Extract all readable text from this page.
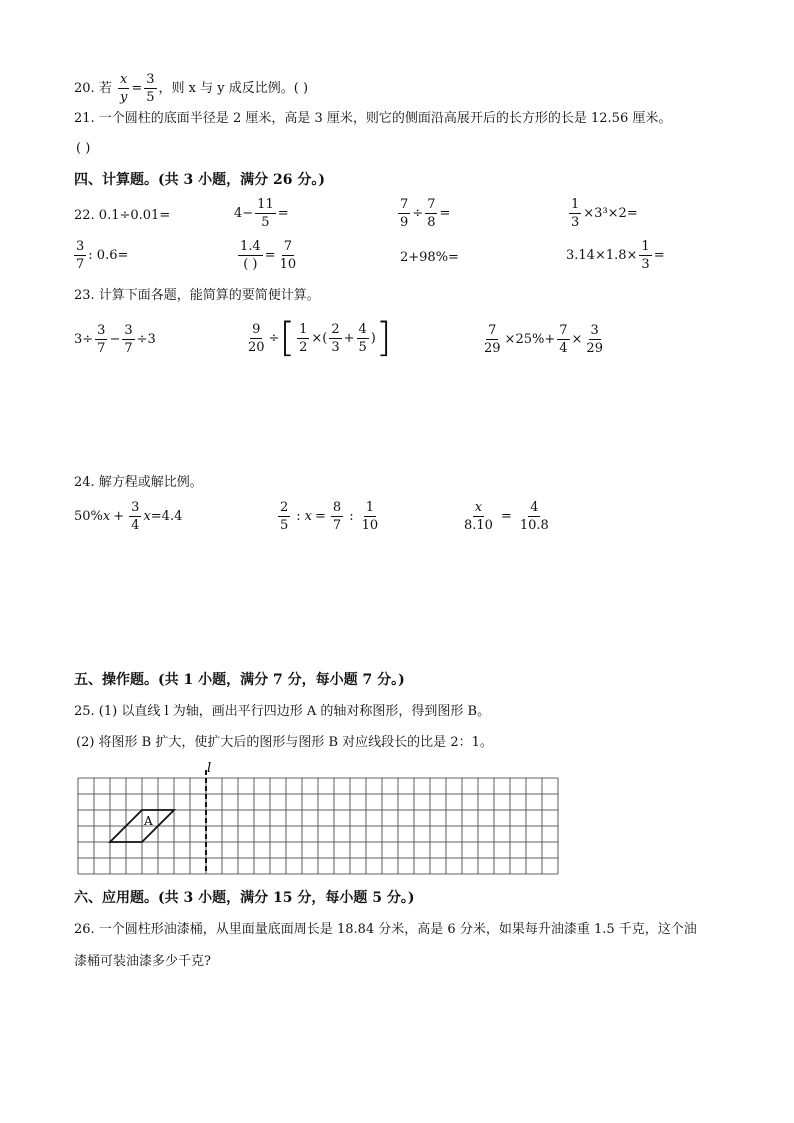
20. 若 $\frac{x}{y} = \frac{3}{5}$ ，则 x 与 y 成反比例。( )
21. 一个圆柱的底面半径是 2 厘米，高是 3 厘米，则它的侧面沿高展开后的长方形的长是 12.56 厘米。
( )
四、计算题。(共 3 小题，满分 26 分。)
22. 0.1÷0.01=	$4- \frac{11}{5}$ =	$\frac{7}{9} \div \frac{7}{8}$ =	$\frac{1}{3} \times 3^3\times 2=$
$\frac{3}{7}$ : 0.6=	$\frac{1.4}{( )} = \frac{7}{10}$	2+98%=	$3.14\times 1.8\times \frac{1}{3}$ =
23. 计算下面各题，能简算的要简便计算。
$3\div \frac{3}{7} - \frac{3}{7} \div 3$	$\frac{9}{20}$ ÷ [ $\frac{1}{2}$ ×( $\frac{2}{3} + \frac{4}{5}$ ) ]	$\frac{7}{29} \times 25\%+ \frac{7}{4} \times \frac{3}{29}$
24. 解方程或解比例。
50% $x + \frac{3}{4}$ x =4.4	$\frac{2}{5}$ : $x = \frac{8}{7}$ : $\frac{1}{10}$	$\frac{x}{8.10} = \frac{4}{10.8}$
五、操作题。(共 1 小题，满分 7 分，每小题 7 分。)
25. (1) 以直线 l 为轴，画出平行四边形 A 的轴对称图形，得到图形 B。
(2) 将图形 B 扩大，使扩大后的图形与图形 B 对应线段长的比是 2：1。
l
A
六、应用题。(共 3 小题，满分 15 分，每小题 5 分。)
26. 一个圆柱形油漆桶，从里面量底面周长是 18.84 分米，高是 6 分米，如果每升油漆重 1.5 千克，这个油
漆桶可装油漆多少千克?
